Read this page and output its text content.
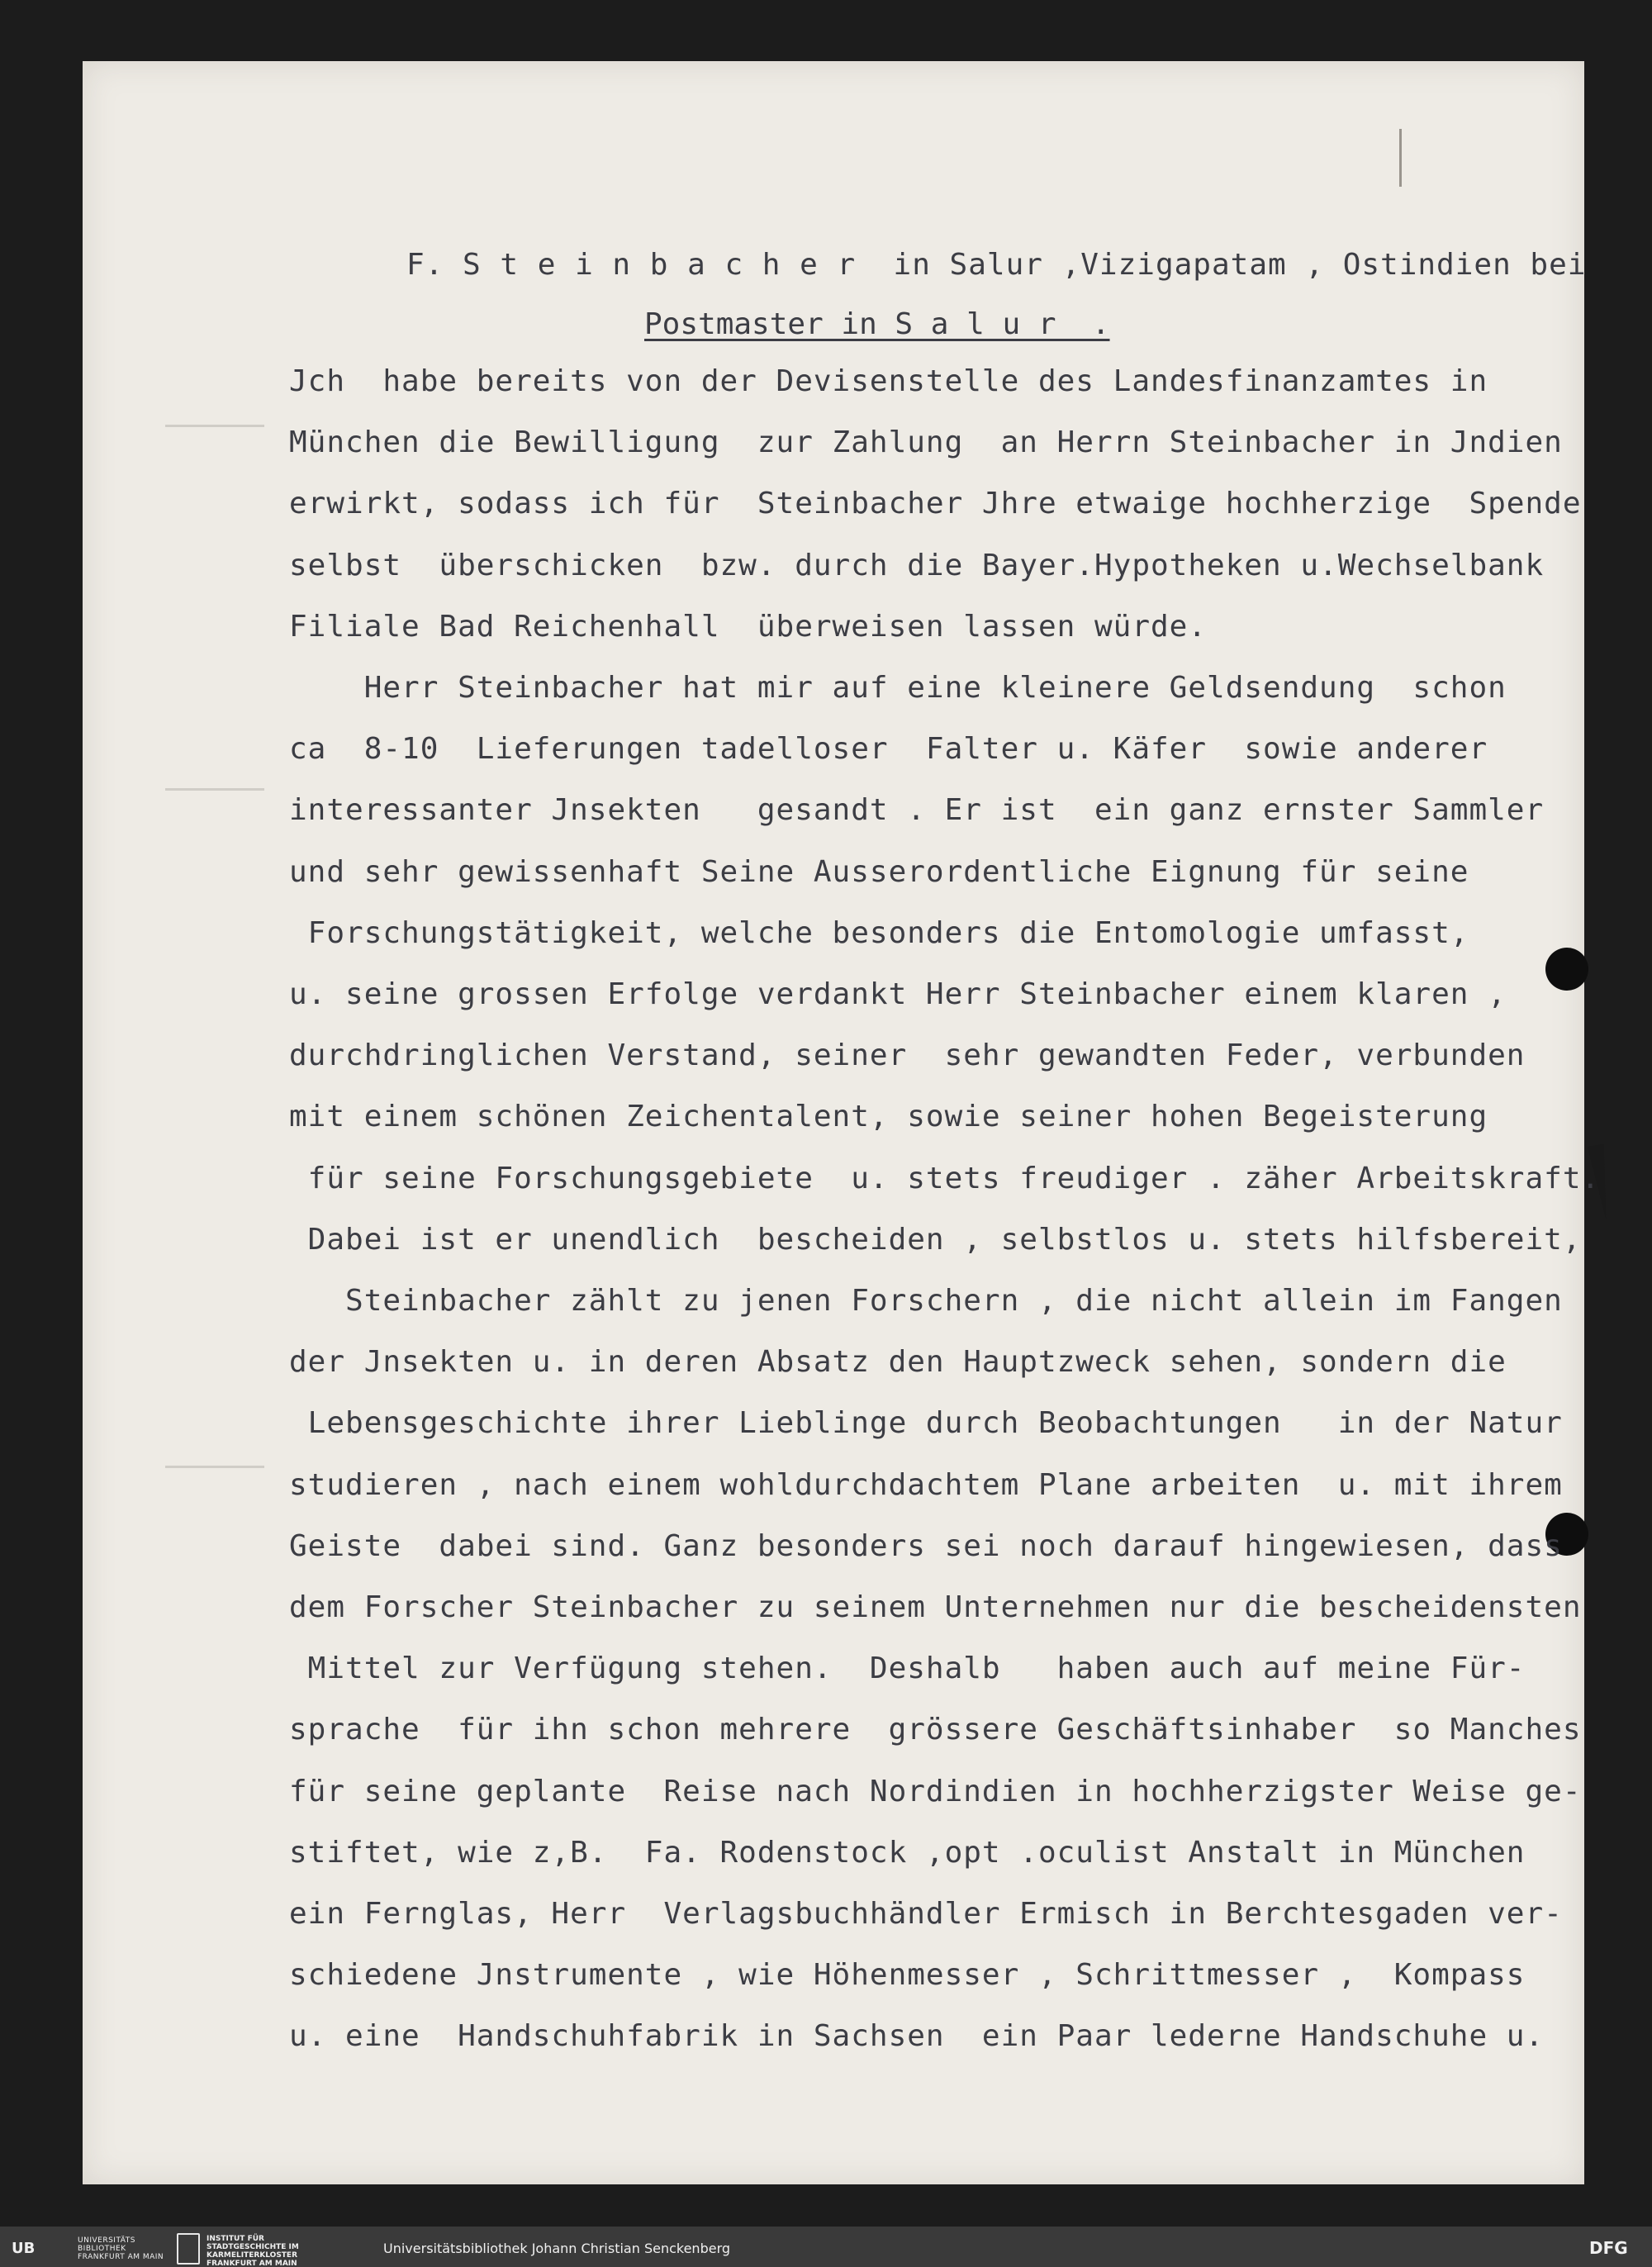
F. S t e i n b a c h e r  in Salur ,Vizigapatam , Ostindien bei
Postmaster in S a l u r  .
Jch  habe bereits von der Devisenstelle des Landesfinanzamtes in
München die Bewilligung  zur Zahlung  an Herrn Steinbacher in Jndien
erwirkt, sodass ich für  Steinbacher Jhre etwaige hochherzige  Spende
selbst  überschicken  bzw. durch die Bayer.Hypotheken u.Wechselbank
Filiale Bad Reichenhall  überweisen lassen würde.
Herr Steinbacher hat mir auf eine kleinere Geldsendung  schon
ca  8-10  Lieferungen tadelloser  Falter u. Käfer  sowie anderer
interessanter Jnsekten   gesandt . Er ist  ein ganz ernster Sammler
und sehr gewissenhaft Seine Ausserordentliche Eignung für seine
Forschungstätigkeit, welche besonders die Entomologie umfasst,
u. seine grossen Erfolge verdankt Herr Steinbacher einem klaren ,
durchdringlichen Verstand, seiner  sehr gewandten Feder, verbunden
mit einem schönen Zeichentalent, sowie seiner hohen Begeisterung
für seine Forschungsgebiete  u. stets freudiger . zäher Arbeitskraft.
Dabei ist er unendlich  bescheiden , selbstlos u. stets hilfsbereit,
Steinbacher zählt zu jenen Forschern , die nicht allein im Fangen
der Jnsekten u. in deren Absatz den Hauptzweck sehen, sondern die
Lebensgeschichte ihrer Lieblinge durch Beobachtungen   in der Natur
studieren , nach einem wohldurchdachtem Plane arbeiten  u. mit ihrem
Geiste  dabei sind. Ganz besonders sei noch darauf hingewiesen, dass
dem Forscher Steinbacher zu seinem Unternehmen nur die bescheidensten
Mittel zur Verfügung stehen.  Deshalb   haben auch auf meine Für-
sprache  für ihn schon mehrere  grössere Geschäftsinhaber  so Manches
für seine geplante  Reise nach Nordindien in hochherzigster Weise ge-
stiftet, wie z,B.  Fa. Rodenstock ,opt .oculist Anstalt in München
ein Fernglas, Herr  Verlagsbuchhändler Ermisch in Berchtesgaden ver-
schiedene Jnstrumente , wie Höhenmesser , Schrittmesser ,  Kompass
u. eine  Handschuhfabrik in Sachsen  ein Paar lederne Handschuhe u.
UB	UNIVERSITÄTS BIBLIOTHEK FRANKFURT AM MAIN
INSTITUT FÜR STADTGESCHICHTE IM KARMELITERKLOSTER FRANKFURT AM MAIN
Universitätsbibliothek Johann Christian Senckenberg	DFG
